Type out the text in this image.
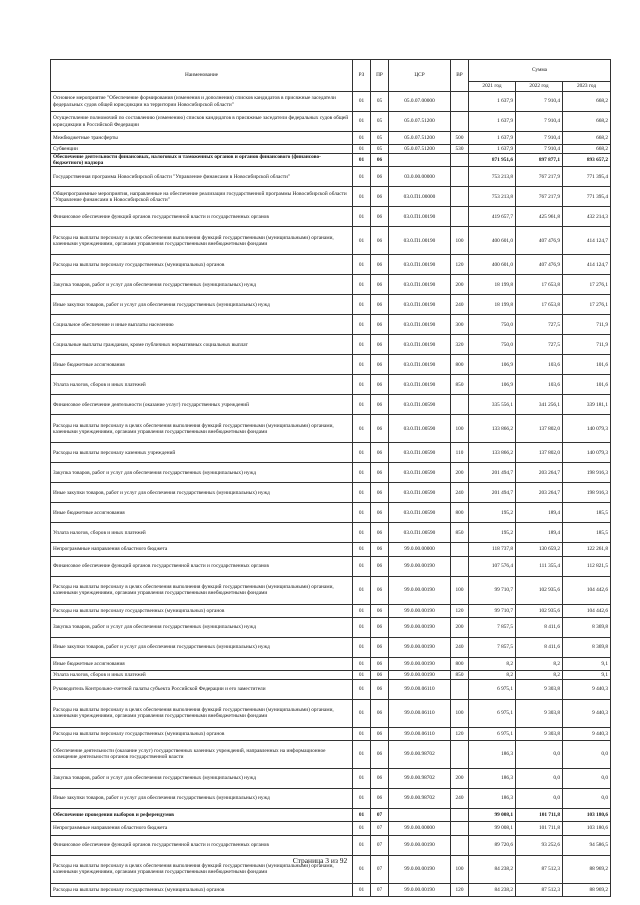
Наименование	РЗ	ПР	ЦСР	ВР	Сумма		
					2021 год	2022 год	2023 год
Основное мероприятие "Обеспечение формирования (изменения и дополнения) списков кандидатов в присяжные заседатели федеральных судов общей юрисдикции на территории Новосибирской области"	01	05	05.0.07.00000		1 637,9	7 910,4	668,2
Осуществление полномочий по составлению (изменению) списков кандидатов в присяжные заседатели федеральных судов общей юрисдикции в Российской Федерации	01	05	05.0.07.51200		1 637,9	7 910,4	668,2
Межбюджетные трансферты	01	05	05.0.07.51200	500	1 637,9	7 910,4	668,2
Субвенции	01	05	05.0.07.51200	530	1 637,9	7 910,4	668,2
Обеспечение деятельности финансовых, налоговых и таможенных органов и органов финансового (финансово-бюджетного) надзора	01	06			871 951,6	897 877,1	893 657,2
Государственная программа Новосибирской области "Управление финансами в Новосибирской области"	01	06	03.0.00.00000		753 213,8	767 217,9	771 395,4
Общепрограммные мероприятия, направленные на обеспечение реализации государственной программы Новосибирской области "Управление финансами в Новосибирской области"	01	06	03.0.П1.00000		753 213,8	767 217,9	771 395,4
Финансовое обеспечение функций органов государственной власти и государственных органов	01	06	03.0.П1.00190		419 657,7	425 961,8	432 214,3
Расходы на выплаты персоналу в целях обеспечения выполнения функций государственными (муниципальными) органами, казенными учреждениями, органами управления государственными внебюджетными фондами	01	06	03.0.П1.00190	100	400 601,0	407 476,9	414 124,7
Расходы на выплаты персоналу государственных (муниципальных) органов	01	06	03.0.П1.00190	120	400 601,0	407 476,9	414 124,7
Закупка товаров, работ и услуг для обеспечения государственных (муниципальных) нужд	01	06	03.0.П1.00190	200	18 199,8	17 653,8	17 276,1
Иные закупки товаров, работ и услуг для обеспечения государственных (муниципальных) нужд	01	06	03.0.П1.00190	240	18 199,8	17 653,8	17 276,1
Социальное обеспечение и иные выплаты населению	01	06	03.0.П1.00190	300	750,0	727,5	711,9
Социальные выплаты гражданам, кроме публичных нормативных социальных выплат	01	06	03.0.П1.00190	320	750,0	727,5	711,9
Иные бюджетные ассигнования	01	06	03.0.П1.00190	800	106,9	103,6	101,6
Уплата налогов, сборов и иных платежей	01	06	03.0.П1.00190	850	106,9	103,6	101,6
Финансовое обеспечение деятельности (оказание услуг) государственных учреждений	01	06	03.0.П1.00590		335 556,1	341 256,1	339 181,1
Расходы на выплаты персоналу в целях обеспечения выполнения функций государственными (муниципальными) органами, казенными учреждениями, органами управления государственными внебюджетными фондами	01	06	03.0.П1.00590	100	133 866,2	137 802,0	140 079,3
Расходы на выплаты персоналу казенных учреждений	01	06	03.0.П1.00590	110	133 866,2	137 802,0	140 079,3
Закупка товаров, работ и услуг для обеспечения государственных (муниципальных) нужд	01	06	03.0.П1.00590	200	201 494,7	203 264,7	198 916,3
Иные закупки товаров, работ и услуг для обеспечения государственных (муниципальных) нужд	01	06	03.0.П1.00590	240	201 494,7	203 264,7	198 916,3
Иные бюджетные ассигнования	01	06	03.0.П1.00590	800	195,2	189,4	185,5
Уплата налогов, сборов и иных платежей	01	06	03.0.П1.00590	850	195,2	189,4	185,5
Непрограммные направления областного бюджета	01	06	99.0.00.00000		118 737,8	130 659,2	122 261,8
Финансовое обеспечение функций органов государственной власти и государственных органов	01	06	99.0.00.00190		107 576,4	111 355,4	112 821,5
Расходы на выплаты персоналу в целях обеспечения выполнения функций государственными (муниципальными) органами, казенными учреждениями, органами управления государственными внебюджетными фондами	01	06	99.0.00.00190	100	99 710,7	102 935,6	104 442,6
Расходы на выплаты персоналу государственных (муниципальных) органов	01	06	99.0.00.00190	120	99 710,7	102 935,6	104 442,6
Закупка товаров, работ и услуг для обеспечения государственных (муниципальных) нужд	01	06	99.0.00.00190	200	7 857,5	8 411,6	8 369,8
Иные закупки товаров, работ и услуг для обеспечения государственных (муниципальных) нужд	01	06	99.0.00.00190	240	7 857,5	8 411,6	8 369,8
Иные бюджетные ассигнования	01	06	99.0.00.00190	800	8,2	8,2	9,1
Уплата налогов, сборов и иных платежей	01	06	99.0.00.00190	850	8,2	8,2	9,1
Руководитель Контрольно-счетной палаты субъекта Российской Федерации и его заместители	01	06	99.0.00.06110		6 975,1	9 303,8	9 440,3
Расходы на выплаты персоналу в целях обеспечения выполнения функций государственными (муниципальными) органами, казенными учреждениями, органами управления государственными внебюджетными фондами	01	06	99.0.00.06110	100	6 975,1	9 303,8	9 440,3
Расходы на выплаты персоналу государственных (муниципальных) органов	01	06	99.0.00.06110	120	6 975,1	9 303,8	9 440,3
Обеспечение деятельности (оказание услуг) государственных казенных учреждений, направленных на информационное освещение деятельности органов государственной власти	01	06	99.0.00.98702		186,3	0,0	0,0
Закупка товаров, работ и услуг для обеспечения государственных (муниципальных) нужд	01	06	99.0.00.98702	200	186,3	0,0	0,0
Иные закупки товаров, работ и услуг для обеспечения государственных (муниципальных) нужд	01	06	99.0.00.98702	240	186,3	0,0	0,0
Обеспечение проведения выборов и референдумов	01	07			99 008,1	101 711,8	103 180,6
Непрограммные направления областного бюджета	01	07	99.0.00.00000		99 008,1	101 711,8	103 180,6
Финансовое обеспечение функций органов государственной власти и государственных органов	01	07	99.0.00.00190		89 720,6	93 252,6	94 586,5
Расходы на выплаты персоналу в целях обеспечения выполнения функций государственными (муниципальными) органами, казенными учреждениями, органами управления государственными внебюджетными фондами	01	07	99.0.00.00190	100	84 238,2	87 512,3	88 969,2
Расходы на выплаты персоналу государственных (муниципальных) органов	01	07	99.0.00.00190	120	84 238,2	87 512,3	88 969,2
Страница 3 из 92
